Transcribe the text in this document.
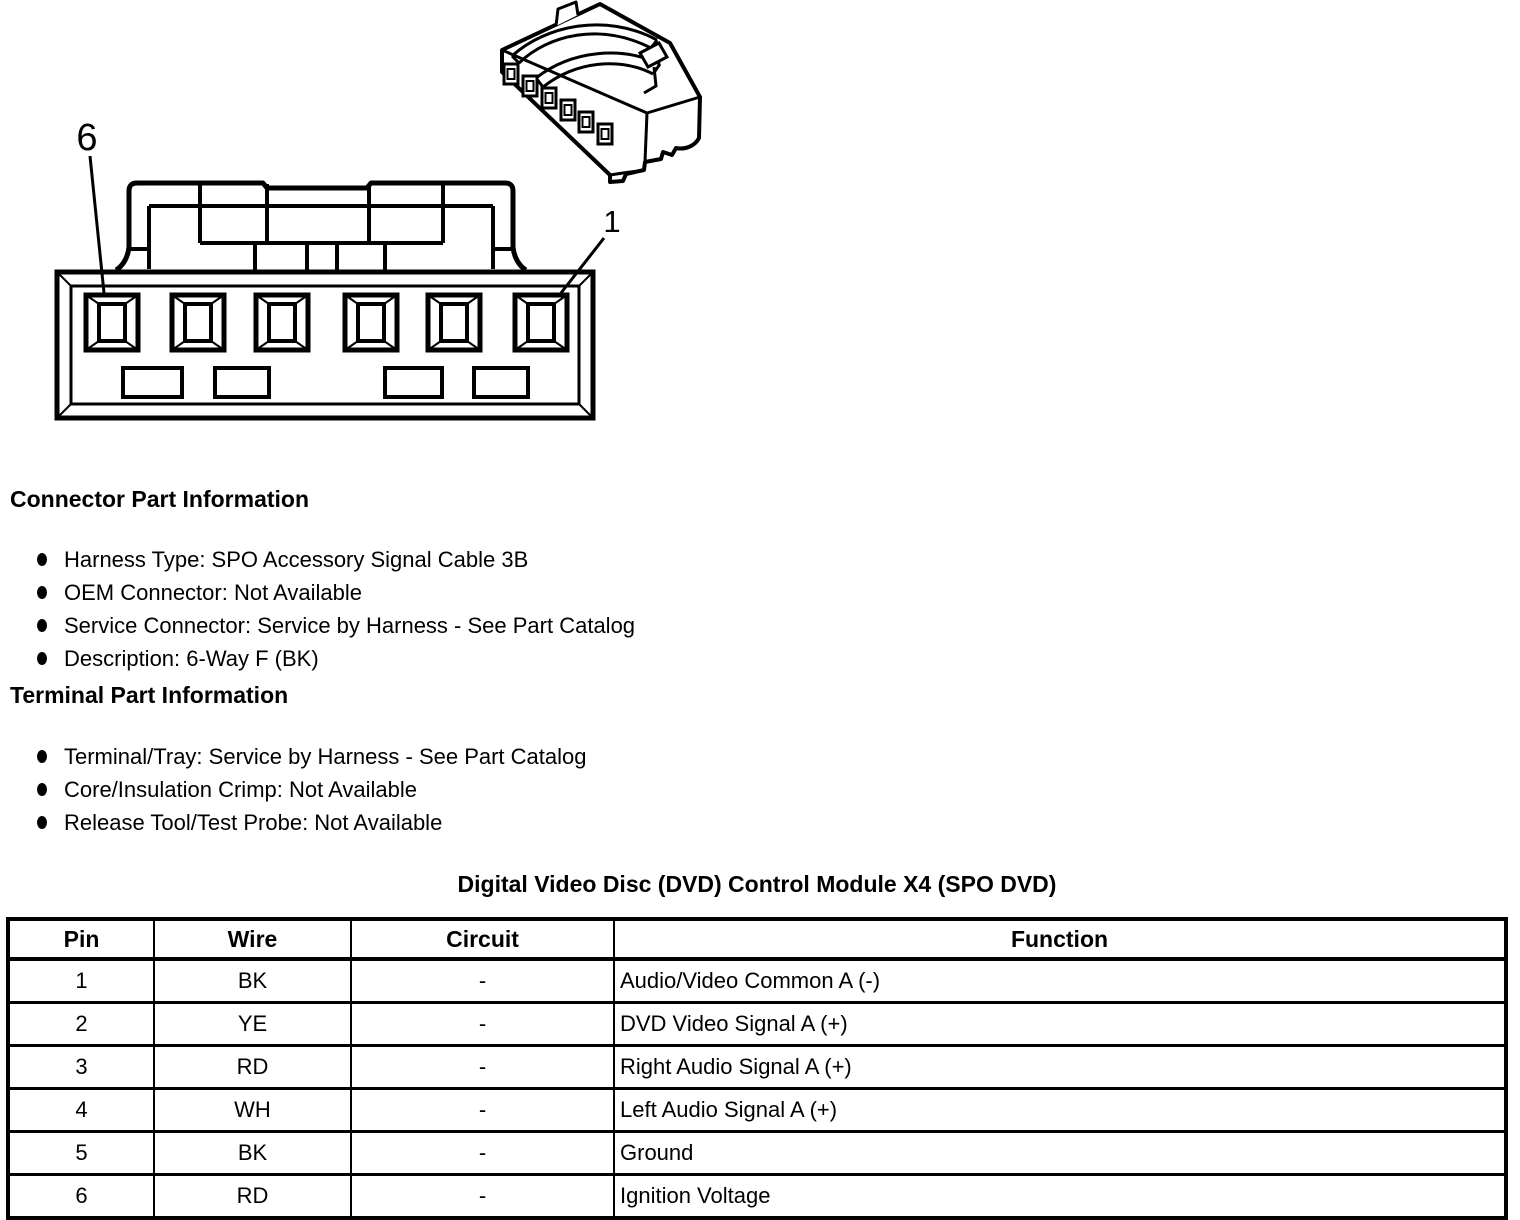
6
1
Connector Part Information
Harness Type: SPO Accessory Signal Cable 3B
OEM Connector: Not Available
Service Connector: Service by Harness - See Part Catalog
Description: 6-Way F (BK)
Terminal Part Information
Terminal/Tray: Service by Harness - See Part Catalog
Core/Insulation Crimp: Not Available
Release Tool/Test Probe: Not Available
Digital Video Disc (DVD) Control Module X4 (SPO DVD)
Pin	Wire	Circuit	Function
1	BK	-	Audio/Video Common A (-)
2	YE	-	DVD Video Signal A (+)
3	RD	-	Right Audio Signal A (+)
4	WH	-	Left Audio Signal A (+)
5	BK	-	Ground
6	RD	-	Ignition Voltage
